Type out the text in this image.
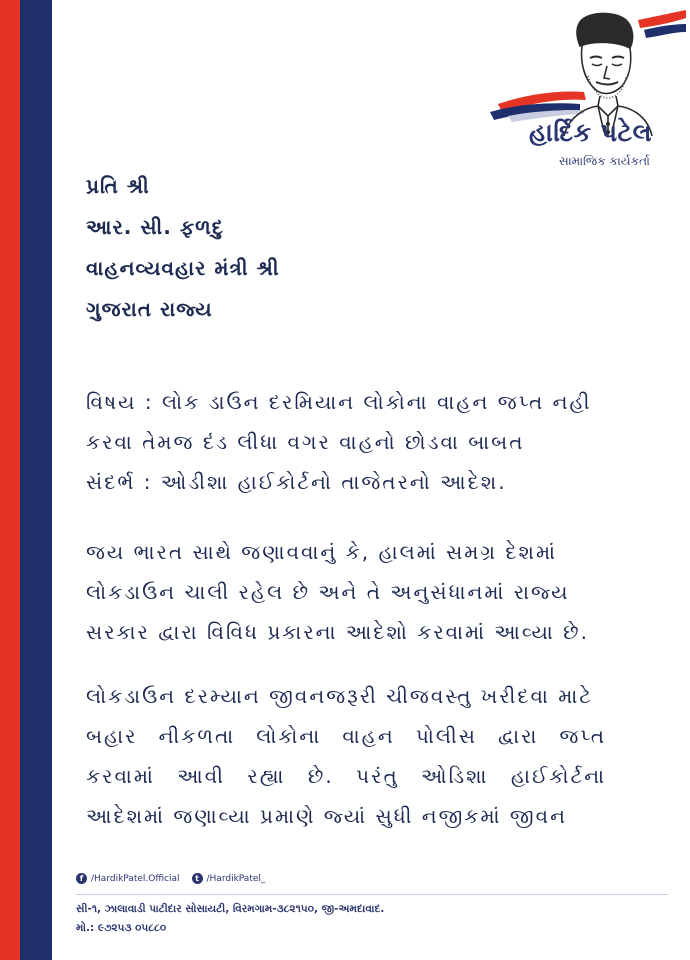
હાર્દિક પટેલ

સામાજિક કાર્યકર્તા

પ્રતિ શ્રી
આર. સી. ફળદુ
વાહનવ્યવહાર મંત્રી શ્રી
ગુજરાત રાજ્ય
વિષય : લોક ડાઉન દરમિયાન લોકોના વાહન જપ્ત નહી
કરવા તેમજ દંડ લીધા વગર વાહનો છોડવા બાબત
સંદર્ભ : ઓડીશા હાઈકોર્ટનો તાજેતરનો આદેશ.
જય ભારત સાથે જણાવવાનું કે, હાલમાં સમગ્ર દેશમાં
લોકડાઉન ચાલી રહેલ છે અને તે અનુસંધાનમાં રાજ્ય
સરકાર દ્વારા વિવિધ પ્રકારના આદેશો કરવામાં આવ્યા છે.
લોકડાઉન દરમ્યાન જીવનજરૂરી ચીજવસ્તુ ખરીદવા માટે
બહાર નીકળતા લોકોના વાહન પોલીસ દ્વારા જપ્ત
કરવામાં આવી રહ્યા છે. પરંતુ ઓડિશા હાઈકોર્ટના
આદેશમાં જણાવ્યા પ્રમાણે જ્યાં સુધી નજીકમાં જીવન
f /HardikPatel.Official	t /HardikPatel_
સી-૧, ઝાલાવાડી પાટીદાર સોસાયટી, વિરમગામ-૩૮૨૧૫૦, જી-અમદાવાદ.
મો.: ૯૭૨૫૩ ૦૫૮૮૦
